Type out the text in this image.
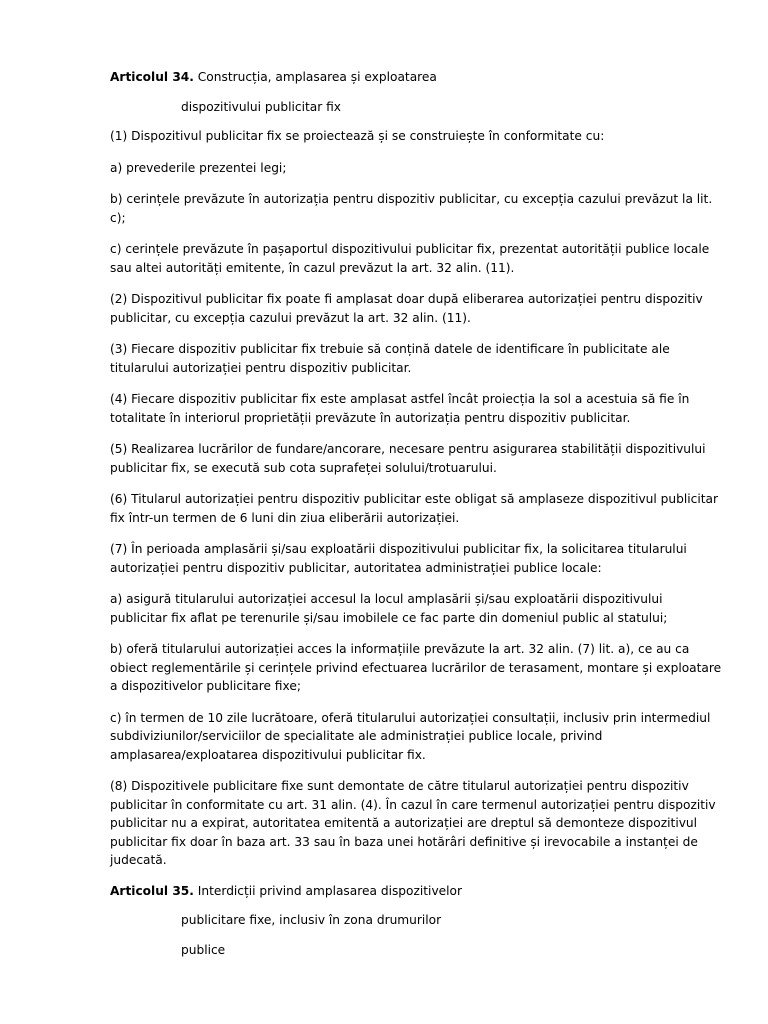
Articolul 34. Construcția, amplasarea și exploatarea

dispozitivului publicitar fix

(1) Dispozitivul publicitar fix se proiectează și se construiește în conformitate cu:

a) prevederile prezentei legi;

b) cerințele prevăzute în autorizația pentru dispozitiv publicitar, cu excepția cazului prevăzut la lit. c);

c) cerințele prevăzute în pașaportul dispozitivului publicitar fix, prezentat autorității publice locale sau altei autorități emitente, în cazul prevăzut la art. 32 alin. (11).

(2) Dispozitivul publicitar fix poate fi amplasat doar după eliberarea autorizației pentru dispozitiv publicitar, cu excepția cazului prevăzut la art. 32 alin. (11).

(3) Fiecare dispozitiv publicitar fix trebuie să conțină datele de identificare în publicitate ale titularului autorizației pentru dispozitiv publicitar.

(4) Fiecare dispozitiv publicitar fix este amplasat astfel încât proiecția la sol a acestuia să fie în totalitate în interiorul proprietății prevăzute în autorizația pentru dispozitiv publicitar.

(5) Realizarea lucrărilor de fundare/ancorare, necesare pentru asigurarea stabilității dispozitivului publicitar fix, se execută sub cota suprafeței solului/trotuarului.

(6) Titularul autorizației pentru dispozitiv publicitar este obligat să amplaseze dispozitivul publicitar fix într-un termen de 6 luni din ziua eliberării autorizației.

(7) În perioada amplasării și/sau exploatării dispozitivului publicitar fix, la solicitarea titularului autorizației pentru dispozitiv publicitar, autoritatea administrației publice locale:

a) asigură titularului autorizației accesul la locul amplasării și/sau exploatării dispozitivului publicitar fix aflat pe terenurile și/sau imobilele ce fac parte din domeniul public al statului;

b) oferă titularului autorizației acces la informațiile prevăzute la art. 32 alin. (7) lit. a), ce au ca obiect reglementările și cerințele privind efectuarea lucrărilor de terasament, montare și exploatare a dispozitivelor publicitare fixe;

c) în termen de 10 zile lucrătoare, oferă titularului autorizației consultații, inclusiv prin intermediul subdiviziunilor/serviciilor de specialitate ale administrației publice locale, privind amplasarea/exploatarea dispozitivului publicitar fix.

(8) Dispozitivele publicitare fixe sunt demontate de către titularul autorizației pentru dispozitiv publicitar în conformitate cu art. 31 alin. (4). În cazul în care termenul autorizației pentru dispozitiv publicitar nu a expirat, autoritatea emitentă a autorizației are dreptul să demonteze dispozitivul publicitar fix doar în baza art. 33 sau în baza unei hotărâri definitive și irevocabile a instanței de judecată.

Articolul 35. Interdicții privind amplasarea dispozitivelor

publicitare fixe, inclusiv în zona drumurilor

publice
